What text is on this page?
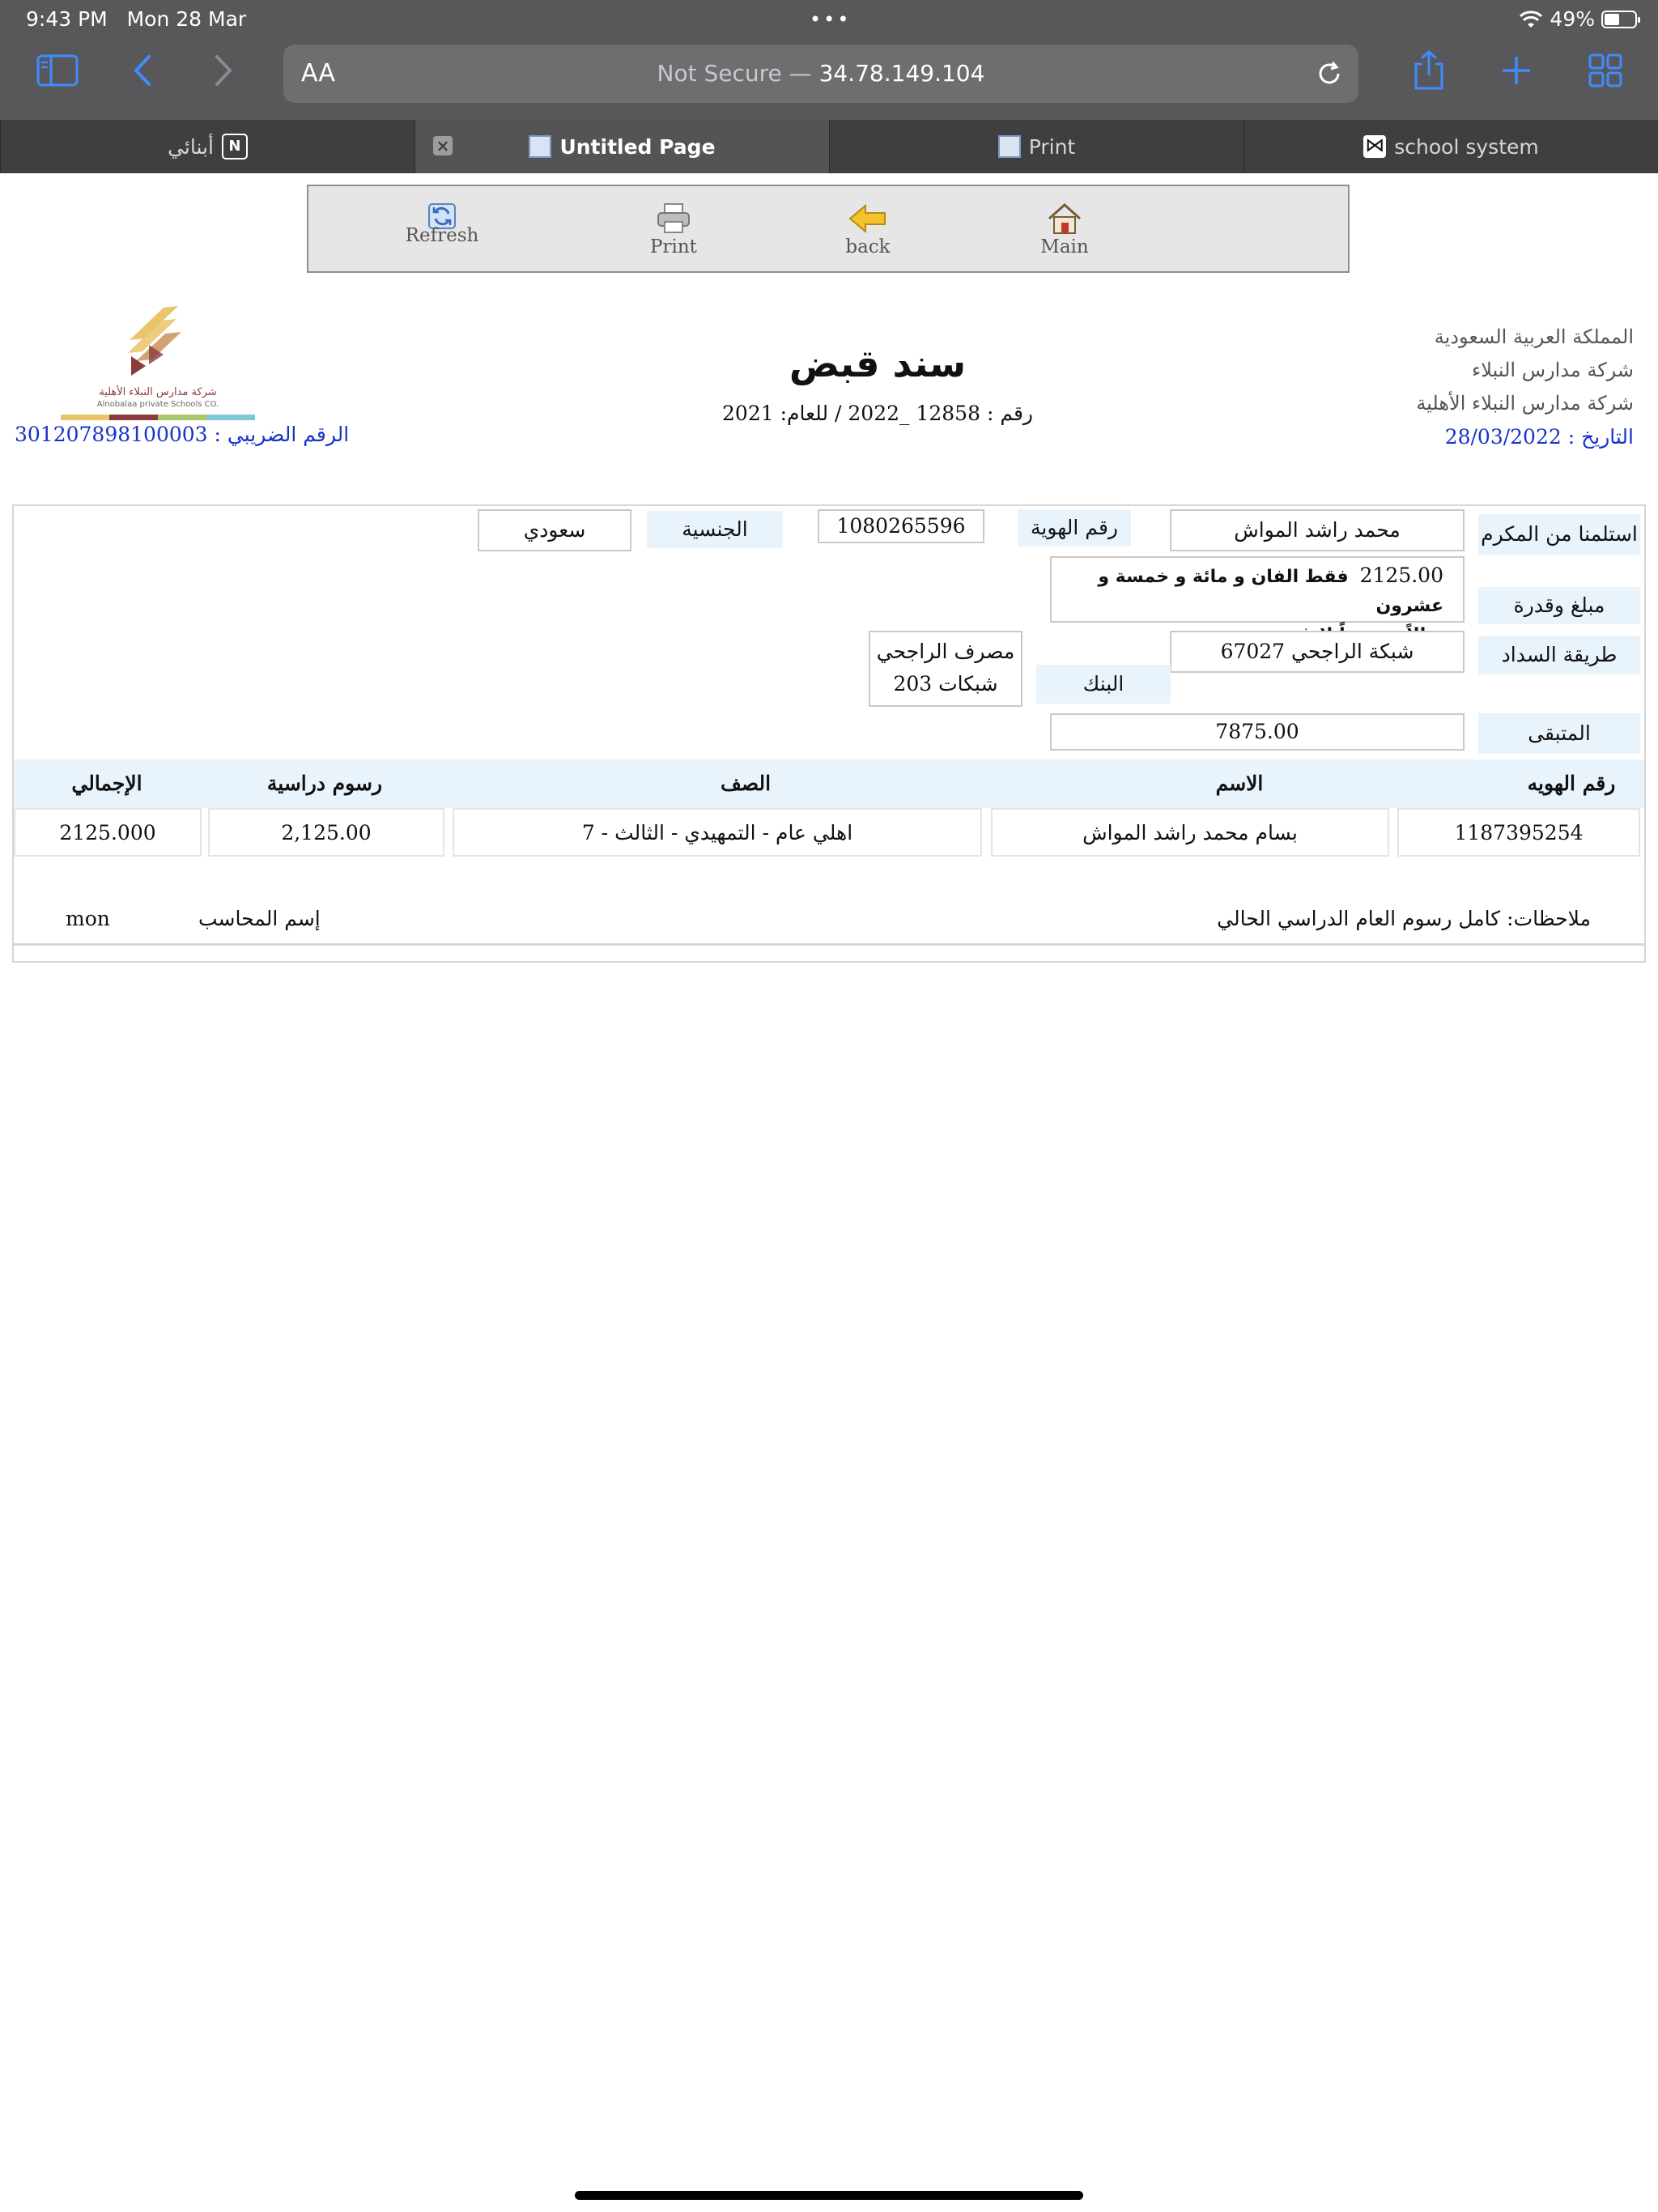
9:43 PM Mon 28 Mar	•••	49%
AA	Not Secure — 34.78.149.104
أبنائي	N	×	Untitled Page	Print
⋈	school system
Refresh
Print	back	Main
شركة مدارس النبلاء الأهلية
Alnobalaa private Schools CO.
الرقم الضريبي : 301207898100003
سند قبض
رقم : 12858 _2022 / للعام: 2021
المملكة العربية السعودية
شركة مدارس النبلاء
شركة مدارس النبلاء الأهلية
التاريخ : 28/03/2022
استلمنا من المكرم
محمد راشد المواش
رقم الهوية
1080265596
الجنسية
سعودي
مبلغ وقدرة
2125.00فقط الفان و مائة و خمسة و عشرون
طريقة السداد
شبكة الراجحي 67027
البنك
مصرف الراجحي
شبكات 203
المتبقى
7875.00
رقم الهويه
الاسم
الصف
رسوم دراسية
الإجمالي
1187395254
بسام محمد راشد المواش
اهلي عام - التمهيدي - الثالث - 7
2,125.00
2125.000
ملاحظات: كامل رسوم العام الدراسي الحالي
إسم المحاسب
mon
